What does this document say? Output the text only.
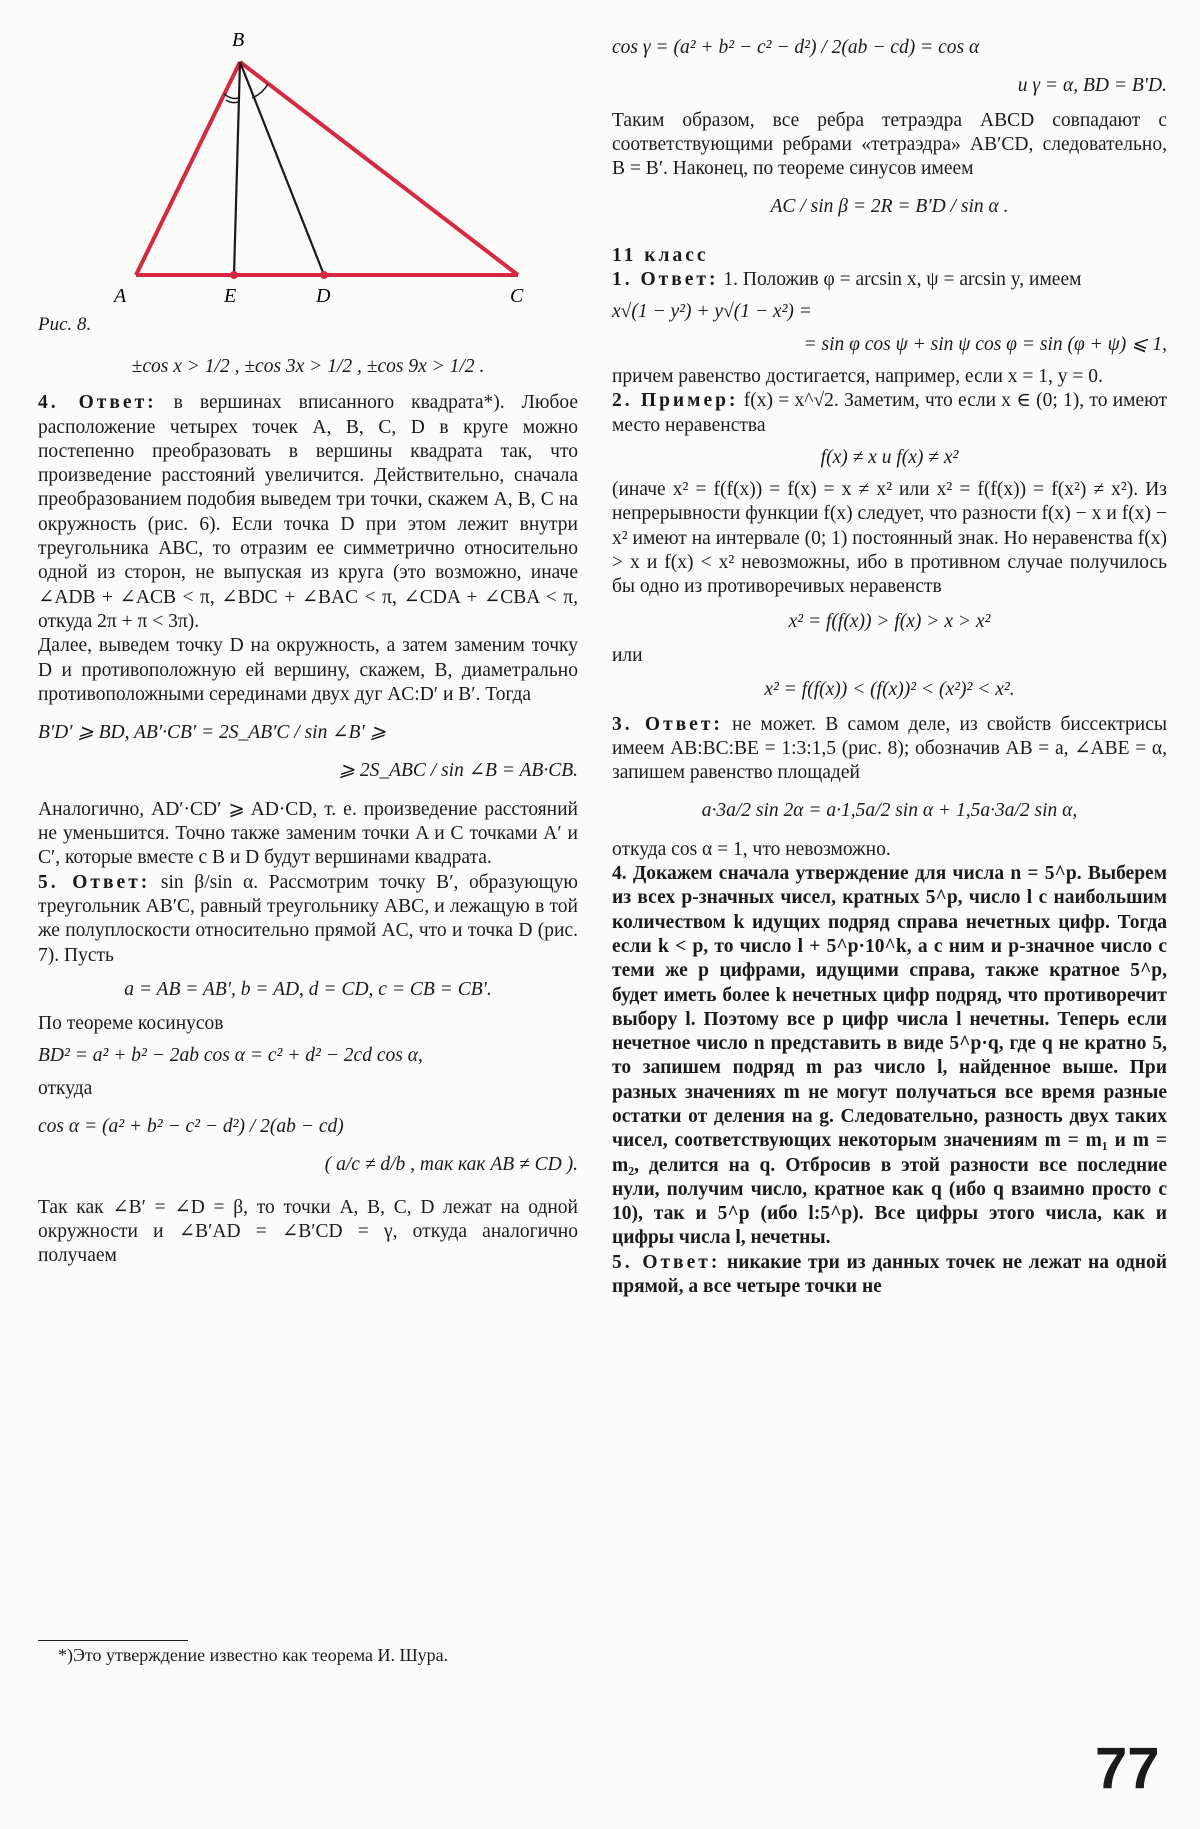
B
A	E	D	C
Рис. 8.

±cos x > 1/2 , ±cos 3x > 1/2 , ±cos 9x > 1/2 .

4. Ответ: в вершинах вписанного квадрата*). Любое расположение четырех точек A, B, C, D в круге можно постепенно преобразовать в вершины квадрата так, что произведение расстояний увеличится. Действительно, сначала преобразованием подобия выведем три точки, скажем A, B, C на окружность (рис. 6). Если точка D при этом лежит внутри треугольника ABC, то отразим ее симметрично относительно одной из сторон, не выпуская из круга (это возможно, иначе ∠ADB + ∠ACB < π, ∠BDC + ∠BAC < π, ∠CDA + ∠CBA < π, откуда 2π + π < 3π).

Далее, выведем точку D на окружность, а затем заменим точку D и противоположную ей вершину, скажем, B, диаметрально противоположными серединами двух дуг AC:D′ и B′. Тогда

B′D′ ⩾ BD, AB′·CB′ = 2S_AB′C / sin ∠B′ ⩾

⩾ 2S_ABC / sin ∠B = AB·CB.

Аналогично, AD′·CD′ ⩾ AD·CD, т. е. произведение расстояний не уменьшится. Точно также заменим точки A и C точками A′ и C′, которые вместе с B и D будут вершинами квадрата.

5. Ответ: sin β/sin α. Рассмотрим точку B′, образующую треугольник AB′C, равный треугольнику ABC, и лежащую в той же полуплоскости относительно прямой AC, что и точка D (рис. 7). Пусть

a = AB = AB′, b = AD, d = CD, c = CB = CB′.

По теореме косинусов

BD² = a² + b² − 2ab cos α = c² + d² − 2cd cos α,

откуда

cos α = (a² + b² − c² − d²) / 2(ab − cd)

( a/c ≠ d/b , так как AB ≠ CD ).

Так как ∠B′ = ∠D = β, то точки A, B, C, D лежат на одной окружности и ∠B′AD = ∠B′CD = γ, откуда аналогично получаем

*)Это утверждение известно как теорема И. Шура.

cos γ = (a² + b² − c² − d²) / 2(ab − cd) = cos α

и γ = α, BD = B′D.

Таким образом, все ребра тетраэдра ABCD совпадают с соответствующими ребрами «тетраэдра» AB′CD, следовательно, B = B′. Наконец, по теореме синусов имеем

AC / sin β = 2R = B′D / sin α .

11 класс

1. Ответ: 1. Положив φ = arcsin x, ψ = arcsin y, имеем

x√(1 − y²) + y√(1 − x²) =

= sin φ cos ψ + sin ψ cos φ = sin (φ + ψ) ⩽ 1,

причем равенство достигается, например, если x = 1, y = 0.

2. Пример: f(x) = x^√2. Заметим, что если x ∈ (0; 1), то имеют место неравенства

f(x) ≠ x и f(x) ≠ x²

(иначе x² = f(f(x)) = f(x) = x ≠ x² или x² = f(f(x)) = f(x²) ≠ x²). Из непрерывности функции f(x) следует, что разности f(x) − x и f(x) − x² имеют на интервале (0; 1) постоянный знак. Но неравенства f(x) > x и f(x) < x² невозможны, ибо в противном случае получилось бы одно из противоречивых неравенств

x² = f(f(x)) > f(x) > x > x²

или

x² = f(f(x)) < (f(x))² < (x²)² < x².

3. Ответ: не может. В самом деле, из свойств биссектрисы имеем AB:BC:BE = 1:3:1,5 (рис. 8); обозначив AB = a, ∠ABE = α, запишем равенство площадей

a·3a/2 sin 2α = a·1,5a/2 sin α + 1,5a·3a/2 sin α,

откуда cos α = 1, что невозможно.

4. Докажем сначала утверждение для числа n = 5^p. Выберем из всех p-значных чисел, кратных 5^p, число l с наибольшим количеством k идущих подряд справа нечетных цифр. Тогда если k < p, то число l + 5^p·10^k, а с ним и p-значное число с теми же p цифрами, идущими справа, также кратное 5^p, будет иметь более k нечетных цифр подряд, что противоречит выбору l. Поэтому все p цифр числа l нечетны. Теперь если нечетное число n представить в виде 5^p·q, где q не кратно 5, то запишем подряд m раз число l, найденное выше. При разных значениях m не могут получаться все время разные остатки от деления на g. Следовательно, разность двух таких чисел, соответствующих некоторым значениям m = m₁ и m = m₂, делится на q. Отбросив в этой разности все последние нули, получим число, кратное как q (ибо q взаимно просто с 10), так и 5^p (ибо l:5^p). Все цифры этого числа, как и цифры числа l, нечетны.

5. Ответ: никакие три из данных точек не лежат на одной прямой, а все четыре точки не

77
